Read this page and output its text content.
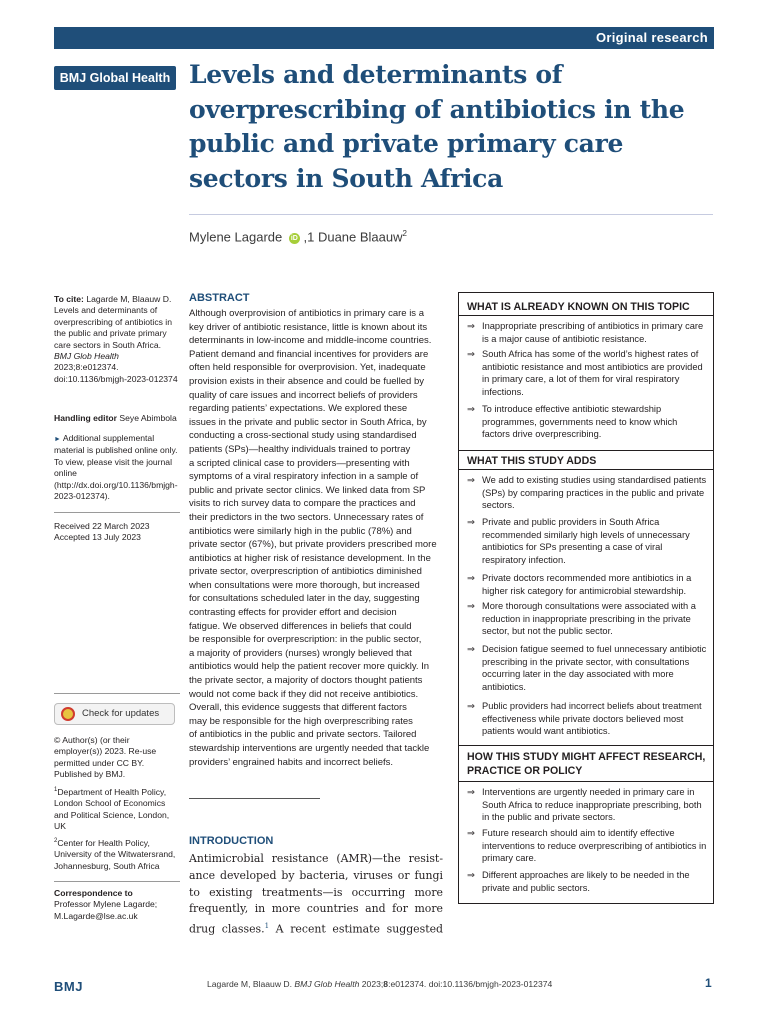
Original research
BMJ Global Health Levels and determinants of overprescribing of antibiotics in the public and private primary care sectors in South Africa
Mylene Lagarde iD ,1 Duane Blaauw$^2$
To cite: Lagarde M, Blaauw D. Levels and determinants of overprescribing of antibiotics in the public and private primary care sectors in South Africa. BMJ Glob Health 2023;8:e012374. doi:10.1136/bmjgh-2023-012374
Handling editor Seye Abimbola
► Additional supplemental material is published online only. To view, please visit the journal online (http://dx.doi.org/10.1136/bmjgh-2023-012374).
Received 22 March 2023
Accepted 13 July 2023
© Author(s) (or their employer(s)) 2023. Re-use permitted under CC BY. Published by BMJ.
$^1$Department of Health Policy, London School of Economics and Political Science, London, UK
$^2$Center for Health Policy, University of the Witwatersrand, Johannesburg, South Africa
Correspondence to
Professor Mylene Lagarde;
M.Lagarde@lse.ac.uk
Check for updates
ABSTRACT
Although overprovision of antibiotics in primary care is a
key driver of antibiotic resistance, little is known about its
determinants in low-income and middle-income countries.
Patient demand and financial incentives for providers are
often held responsible for overprovision. Yet, inadequate
provision exists in their absence and could be fuelled by
quality of care issues and incorrect beliefs of providers
regarding patients’ expectations. We explored these
issues in the private and public sector in South Africa, by
conducting a cross-sectional study using standardised
patients (SPs)—healthy individuals trained to portray
a scripted clinical case to providers—presenting with
symptoms of a viral respiratory infection in a sample of
public and private sector clinics. We linked data from SP
visits to rich survey data to compare the practices and
their predictors in the two sectors. Unnecessary rates of
antibiotics were similarly high in the public (78%) and
private sector (67%), but private providers prescribed more
antibiotics at higher risk of resistance development. In the
private sector, overprescription of antibiotics diminished
when consultations were more thorough, but increased
for consultations scheduled later in the day, suggesting
contrasting effects for provider effort and decision
fatigue. We observed differences in beliefs that could
be responsible for overprescription: in the public sector,
a majority of providers (nurses) wrongly believed that
antibiotics would help the patient recover more quickly. In
the private sector, a majority of doctors thought patients
would not come back if they did not receive antibiotics.
Overall, this evidence suggests that different factors
may be responsible for the high overprescribing rates
of antibiotics in the public and private sectors. Tailored
stewardship interventions are urgently needed that tackle
providers’ engrained habits and incorrect beliefs.
INTRODUCTION
Antimicrobial resistance (AMR)—the resist-
ance developed by bacteria, viruses or fungi
to existing treatments—is occurring more
frequently, in more countries and for more
drug classes.$^1$ A recent estimate suggested
WHAT IS ALREADY KNOWN ON THIS TOPIC
⇒ Inappropriate prescribing of antibiotics in primary care is a major cause of antibiotic resistance.
⇒ South Africa has some of the world’s highest rates of antibiotic resistance and most antibiotics are provided in primary care, a lot of them for viral respiratory infections.
⇒ To introduce effective antibiotic stewardship programmes, governments need to know which factors drive overprescribing.
WHAT THIS STUDY ADDS
⇒ We add to existing studies using standardised patients (SPs) by comparing practices in the public and private sectors.
⇒ Private and public providers in South Africa recommended similarly high levels of unnecessary antibiotics for SPs presenting a case of viral respiratory infection.
⇒ Private doctors recommended more antibiotics in a higher risk category for antimicrobial stewardship.
⇒ More thorough consultations were associated with a reduction in inappropriate prescribing in the private sector, but not the public sector.
⇒ Decision fatigue seemed to fuel unnecessary antibiotic prescribing in the private sector, with consultations occurring later in the day associated with more antibiotics.
⇒ Public providers had incorrect beliefs about treatment effectiveness while private doctors believed most patients would want antibiotics.
HOW THIS STUDY MIGHT AFFECT RESEARCH,
PRACTICE OR POLICY
⇒ Interventions are urgently needed in primary care in South Africa to reduce inappropriate prescribing, both in the public and private sectors.
⇒ Future research should aim to identify effective interventions to reduce overprescribing of antibiotics in primary care.
⇒ Different approaches are likely to be needed in the private and public sectors.
BMJ	Lagarde M, Blaauw D. BMJ Glob Health 2023;8:e012374. doi:10.1136/bmjgh-2023-012374	1
